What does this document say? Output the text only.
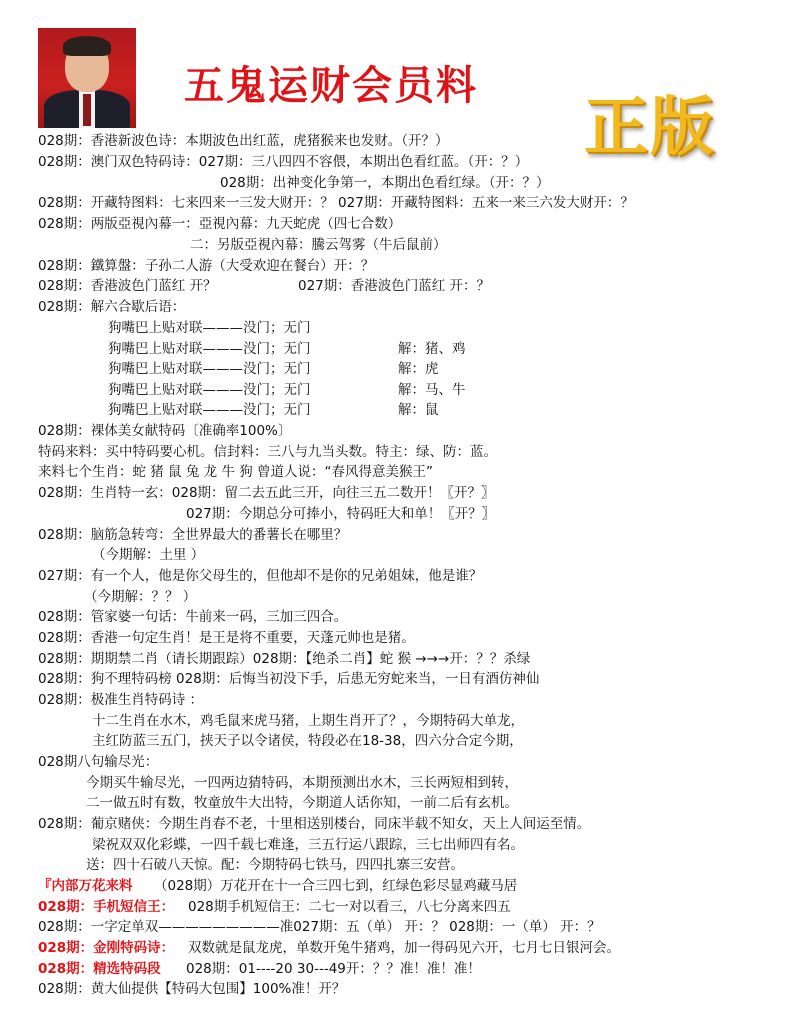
五鬼运财会员料
正版
028期：香港新波色诗：本期波色出红蓝，虎猪猴来也发财。（开？）
028期：澳门双色特码诗：027期：三八四四不容偎，本期出色看红蓝。（开：？）
028期：出神变化争第一，本期出色看红绿。（开：？）
028期：开藏特图料：七来四来一三发大财开：？ 027期：开藏特图料：五来一来三六发大财开：？
028期：两版亞視內幕一：亞視內幕：九天蛇虎（四七合数）
二：另版亞視內幕：騰云驾雾（牛后鼠前）
028期：鐵算盤：子孙二人游（大受欢迎在餐台）开：？
028期：香港波色门蓝红 开？	027期：香港波色门蓝红 开：？
028期：解六合歇后语：
狗嘴巴上贴对联———没门；无门
狗嘴巴上贴对联———没门；无门	解：猪、鸡
狗嘴巴上贴对联———没门；无门	解：虎
狗嘴巴上贴对联———没门；无门	解：马、牛
狗嘴巴上贴对联———没门；无门	解：鼠
028期：裸体美女献特码〔准确率100%〕
特码来料：买中特码要心机。信封料：三八与九当头数。特主：绿、防：蓝。
来料七个生肖：蛇 猪 鼠 兔 龙 牛 狗 曾道人说：“春风得意美猴王”
028期：生肖特一玄：028期：留二去五此三开，向往三五二数开！〖开？〗
027期：今期总分可捧小，特码旺大和单！〖开？〗
028期：脑筋急转弯：全世界最大的番薯长在哪里？
（今期解：土里 ）
027期：有一个人，他是你父母生的，但他却不是你的兄弟姐妹，他是谁？
（今期解：？？ ）
028期：管家婆一句话：牛前来一码，三加三四合。
028期：香港一句定生肖！是王是将不重要，天蓬元帅也是猪。
028期：期期禁二肖（请长期跟踪）028期：【绝杀二肖】蛇 猴 →→→开：？？杀绿
028期：狗不理特码榜 028期：后悔当初没下手，后患无穷蛇来当，一日有酒仿神仙
028期：极准生肖特码诗 ：
十二生肖在水木，鸡毛鼠来虎马猪，上期生肖开了？，今期特码大单龙，
主红防蓝三五门，挟天子以令诸侯，特段必在18-38，四六分合定今期，
028期八句输尽光：
今期买牛输尽光，一四两边猜特码，本期预测出水木，三长两短相到转，
二一做五时有数，牧童放牛大出特，今期道人话你知，一前二后有玄机。
028期：葡京赌侠：今期生肖春不老，十里相送别楼台，同床半载不知女，天上人间运至情。
梁祝双双化彩蝶，一四千载七难逢，三五行运八跟踪，三七出师四有名。
送：四十石破八天惊。配：今期特码七铁马，四四扎寨三安营。
『内部万花来料 （028期）万花开在十一合三四七到，红绿色彩尽显鸡藏马居
028期：手机短信王： 028期手机短信王：二七一对以看三，八七分离来四五
028期：一字定单双—————————准027期：五（单） 开：？ 028期：一（单） 开：？
028期：金刚特码诗： 双数就是鼠龙虎，单数开兔牛猪鸡，加一得码见六开，七月七日银河会。
028期：精选特码段 028期：01----20 30---49开：？？准！准！准！
028期：黄大仙提供【特码大包围】100%准！开？
